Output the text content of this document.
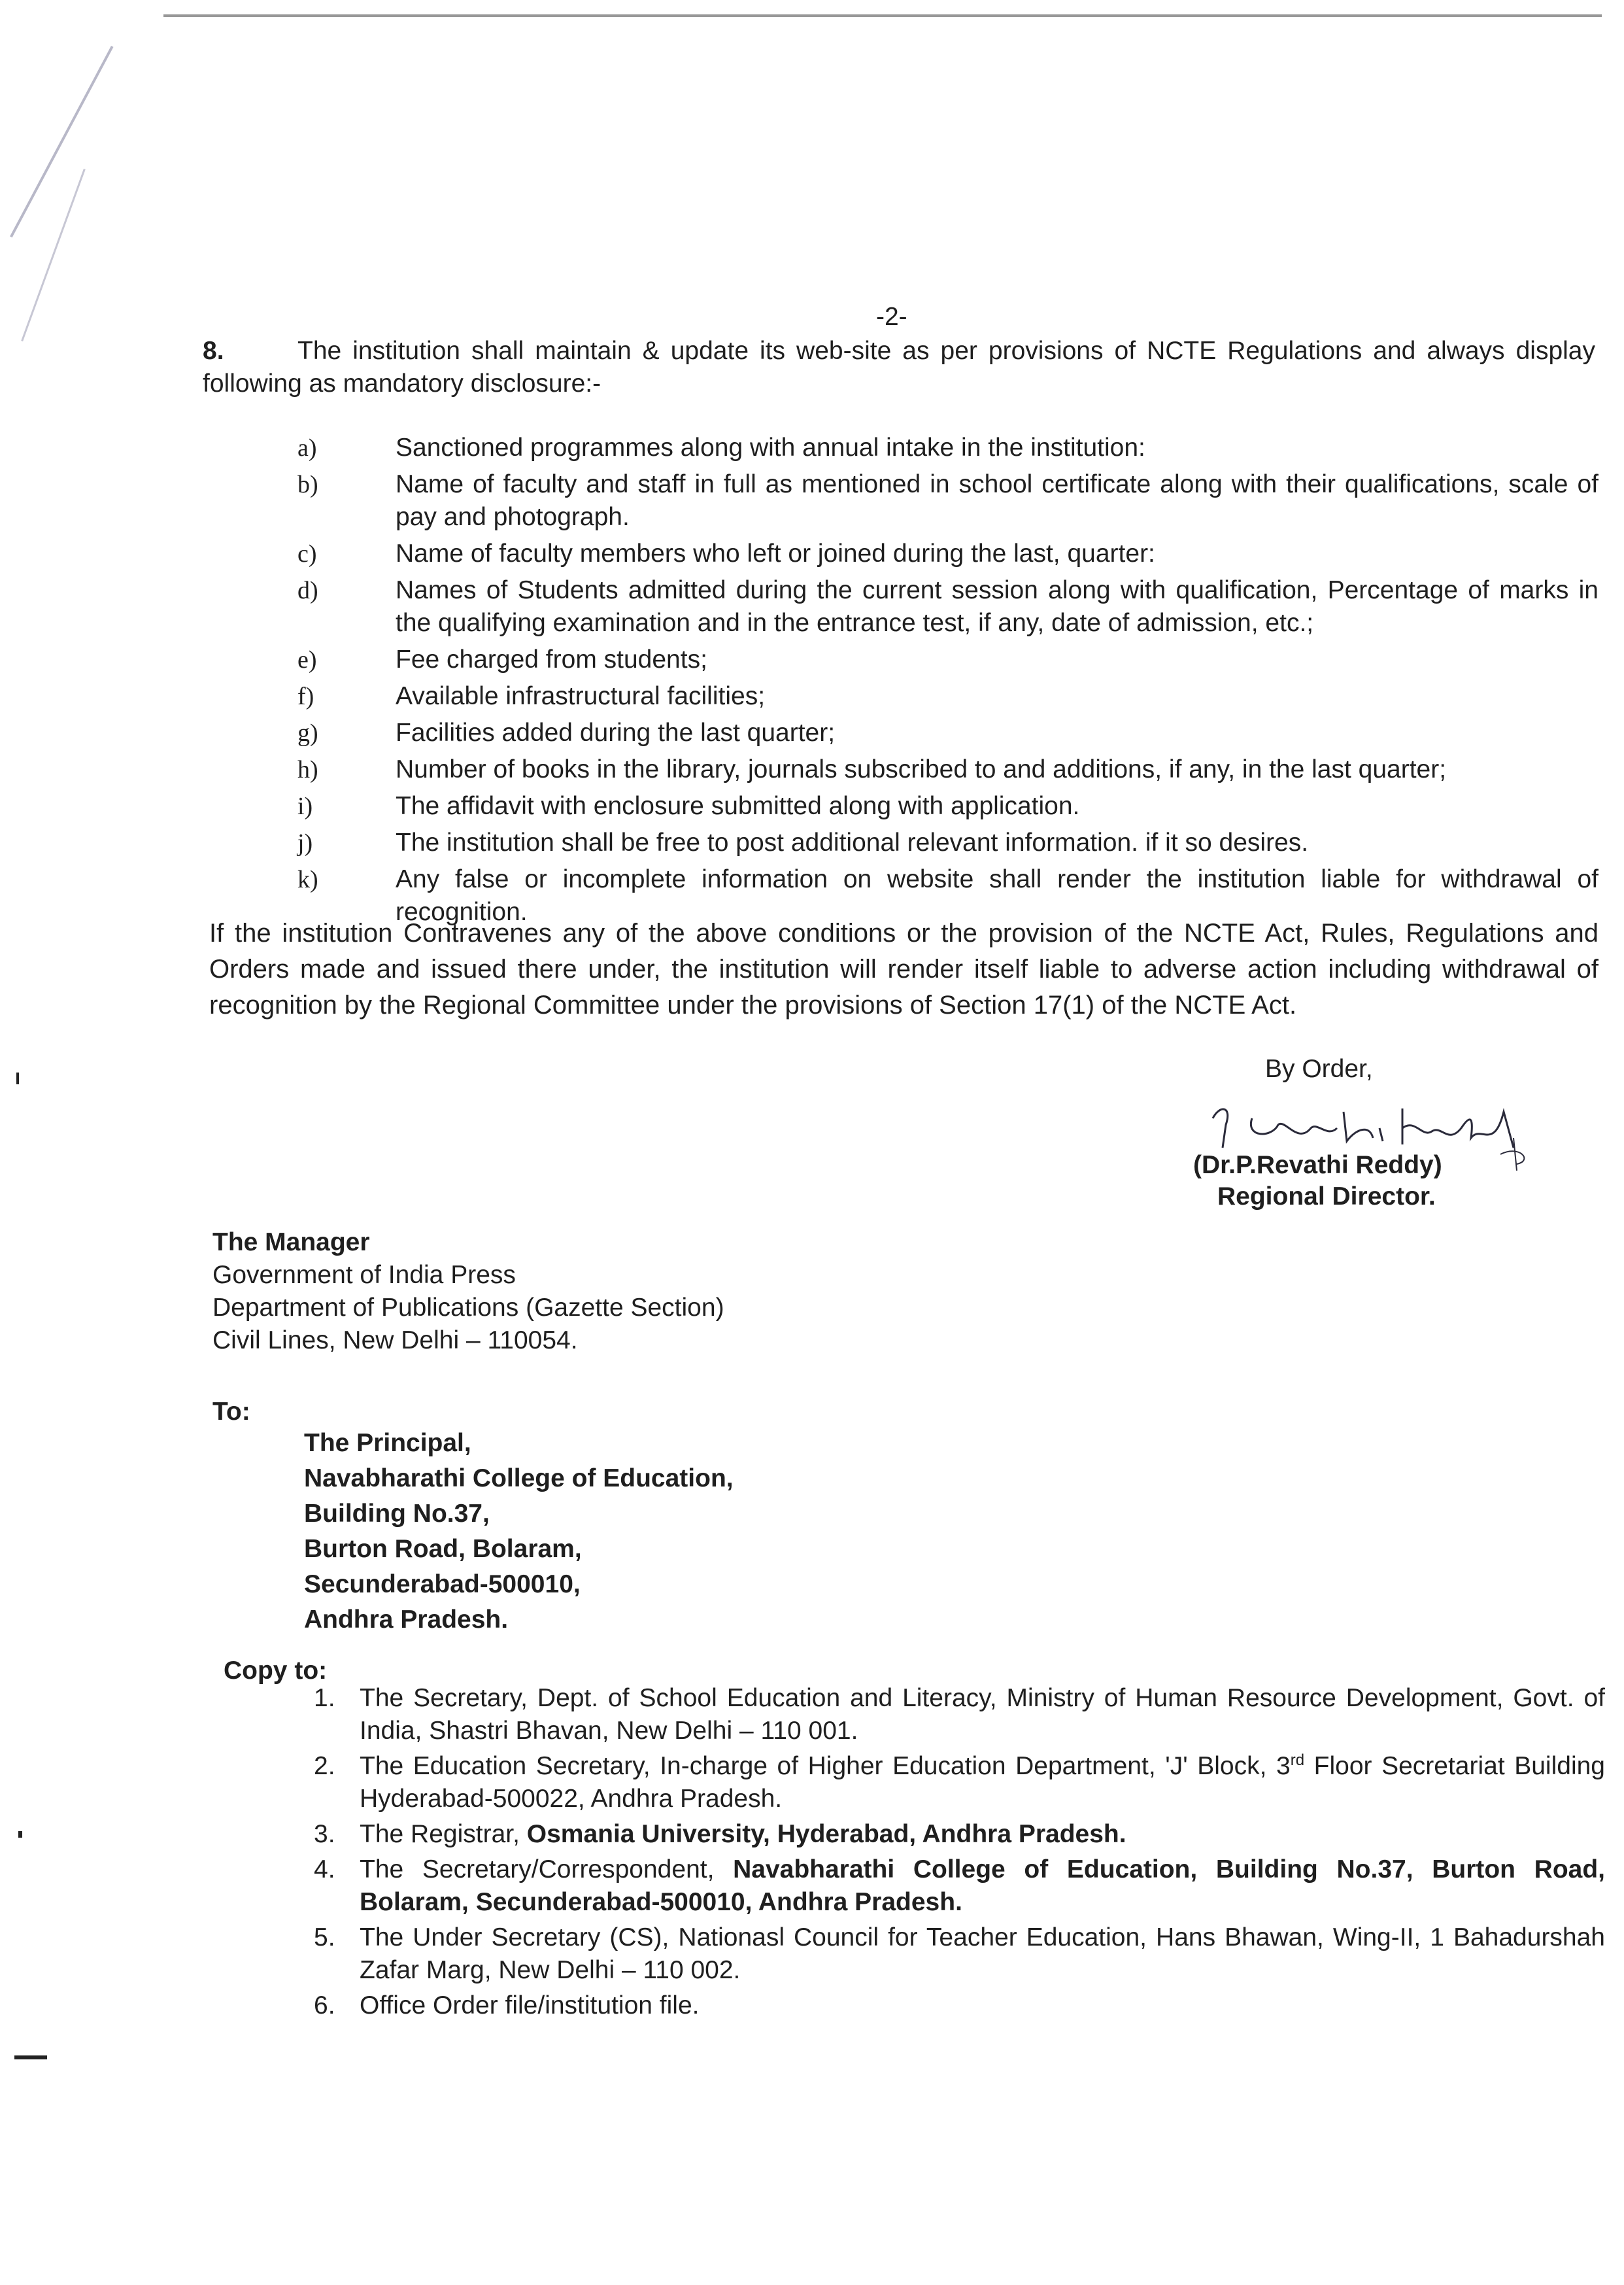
-2-
8.	The institution shall maintain & update its web-site as per provisions of NCTE Regulations and always display following as mandatory disclosure:-
a)	Sanctioned programmes along with annual intake in the institution:
b)	Name of faculty and staff in full as mentioned in school certificate along with their qualifications, scale of pay and photograph.
c)	Name of faculty members who left or joined during the last, quarter:
d)	Names of Students admitted during the current session along with qualification, Percentage of marks in the qualifying examination and in the entrance test, if any, date of admission, etc.;
e)	Fee charged from students;
f)	Available infrastructural facilities;
g)	Facilities added during the last quarter;
h)	Number of books in the library, journals subscribed to and additions, if any, in the last quarter;
i)	The affidavit with enclosure submitted along with application.
j)	The institution shall be free to post additional relevant information. if it so desires.
k)	Any false or incomplete information on website shall render the institution liable for withdrawal of recognition.
If the institution Contravenes any of the above conditions or the provision of the NCTE Act, Rules, Regulations and Orders made and issued there under, the institution will render itself liable to adverse action including withdrawal of recognition by the Regional Committee under the provisions of Section 17(1) of the NCTE Act.
By Order,
(Dr.P.Revathi Reddy)
Regional Director.
The Manager
Government of India Press
Department of Publications (Gazette Section)
Civil Lines, New Delhi – 110054.
To:
The Principal,
Navabharathi College of Education,
Building No.37,
Burton Road, Bolaram,
Secunderabad-500010,
Andhra Pradesh.
Copy to:
1. The Secretary, Dept. of School Education and Literacy, Ministry of Human Resource Development, Govt. of India, Shastri Bhavan, New Delhi – 110 001.
2. The Education Secretary, In-charge of Higher Education Department, 'J' Block, 3rd Floor Secretariat Building Hyderabad-500022, Andhra Pradesh.
3. The Registrar, Osmania University, Hyderabad, Andhra Pradesh.
4. The Secretary/Correspondent, Navabharathi College of Education, Building No.37, Burton Road, Bolaram, Secunderabad-500010, Andhra Pradesh.
5. The Under Secretary (CS), Nationasl Council for Teacher Education, Hans Bhawan, Wing-II, 1 Bahadurshah Zafar Marg, New Delhi – 110 002.
6. Office Order file/institution file.
